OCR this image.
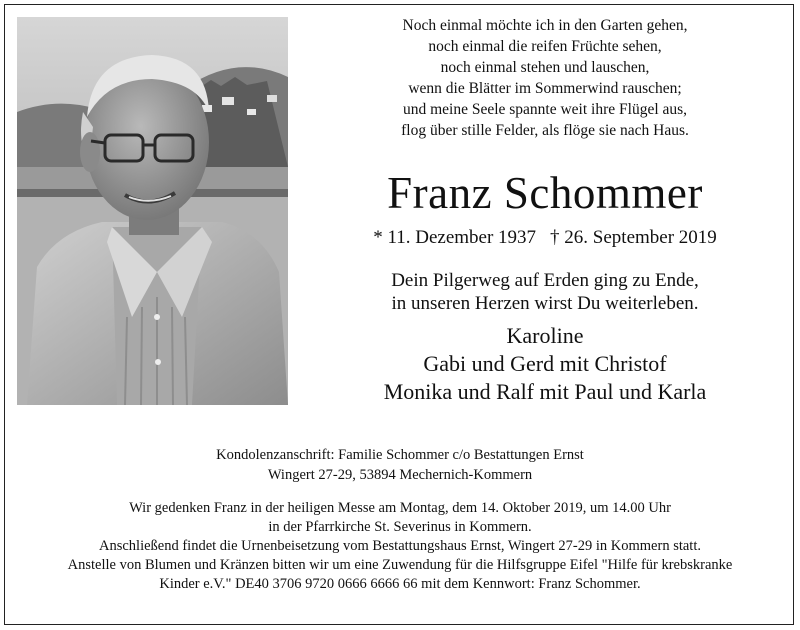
Noch einmal möchte ich in den Garten gehen,
noch einmal die reifen Früchte sehen,
noch einmal stehen und lauschen,
wenn die Blätter im Sommerwind rauschen;
und meine Seele spannte weit ihre Flügel aus,
flog über stille Felder, als flöge sie nach Haus.
Franz Schommer
* 11. Dezember 1937 † 26. September 2019
Dein Pilgerweg auf Erden ging zu Ende,
in unseren Herzen wirst Du weiterleben.
Karoline
Gabi und Gerd mit Christof
Monika und Ralf mit Paul und Karla
Kondolenzanschrift: Familie Schommer c/o Bestattungen Ernst
Wingert 27-29, 53894 Mechernich-Kommern
Wir gedenken Franz in der heiligen Messe am Montag, dem 14. Oktober 2019, um 14.00 Uhr
in der Pfarrkirche St. Severinus in Kommern.
Anschließend findet die Urnenbeisetzung vom Bestattungshaus Ernst, Wingert 27-29 in Kommern statt.
Anstelle von Blumen und Kränzen bitten wir um eine Zuwendung für die Hilfsgruppe Eifel "Hilfe für krebskranke
Kinder e.V." DE40 3706 9720 0666 6666 66 mit dem Kennwort: Franz Schommer.
